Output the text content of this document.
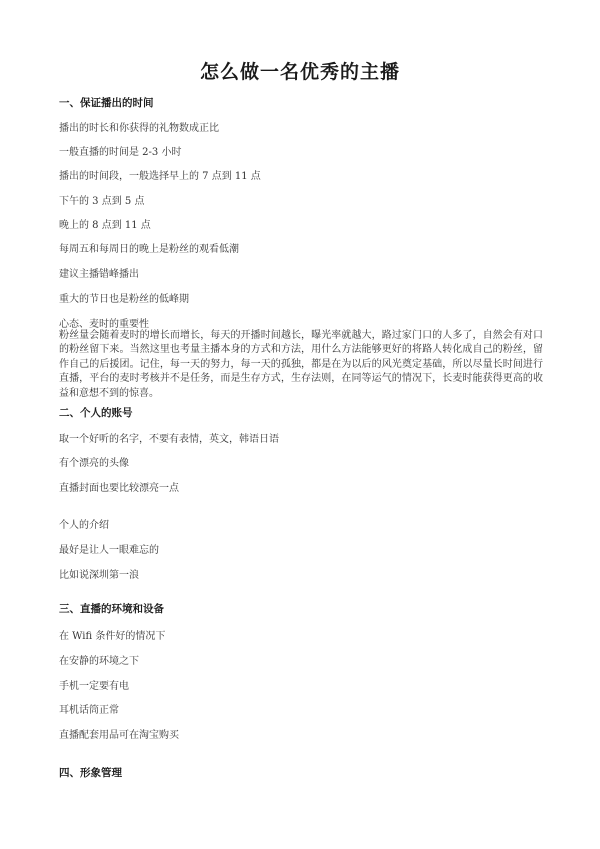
怎么做一名优秀的主播
一、保证播出的时间
播出的时长和你获得的礼物数成正比
一般直播的时间是 2-3 小时
播出的时间段，一般选择早上的 7 点到 11 点
下午的 3 点到 5 点
晚上的 8 点到 11 点
每周五和每周日的晚上是粉丝的观看低潮
建议主播错峰播出
重大的节日也是粉丝的低峰期
心态、麦时的重要性
粉丝量会随着麦时的增长而增长，每天的开播时间越长，曝光率就越大，路过家门口的人多了，自然会有对口的粉丝留下来。当然这里也考量主播本身的方式和方法，用什么方法能够更好的将路人转化成自己的粉丝，留作自己的后援团。记住，每一天的努力，每一天的孤独，都是在为以后的风光奠定基础，所以尽量长时间进行直播，平台的麦时考核并不是任务，而是生存方式，生存法则，在同等运气的情况下，长麦时能获得更高的收益和意想不到的惊喜。
二、个人的账号
取一个好听的名字，不要有表情，英文，韩语日语
有个漂亮的头像
直播封面也要比较漂亮一点
个人的介绍
最好是让人一眼难忘的
比如说深圳第一浪
三、直播的环境和设备
在 Wifi 条件好的情况下
在安静的环境之下
手机一定要有电
耳机话筒正常
直播配套用品可在淘宝购买
四、形象管理
